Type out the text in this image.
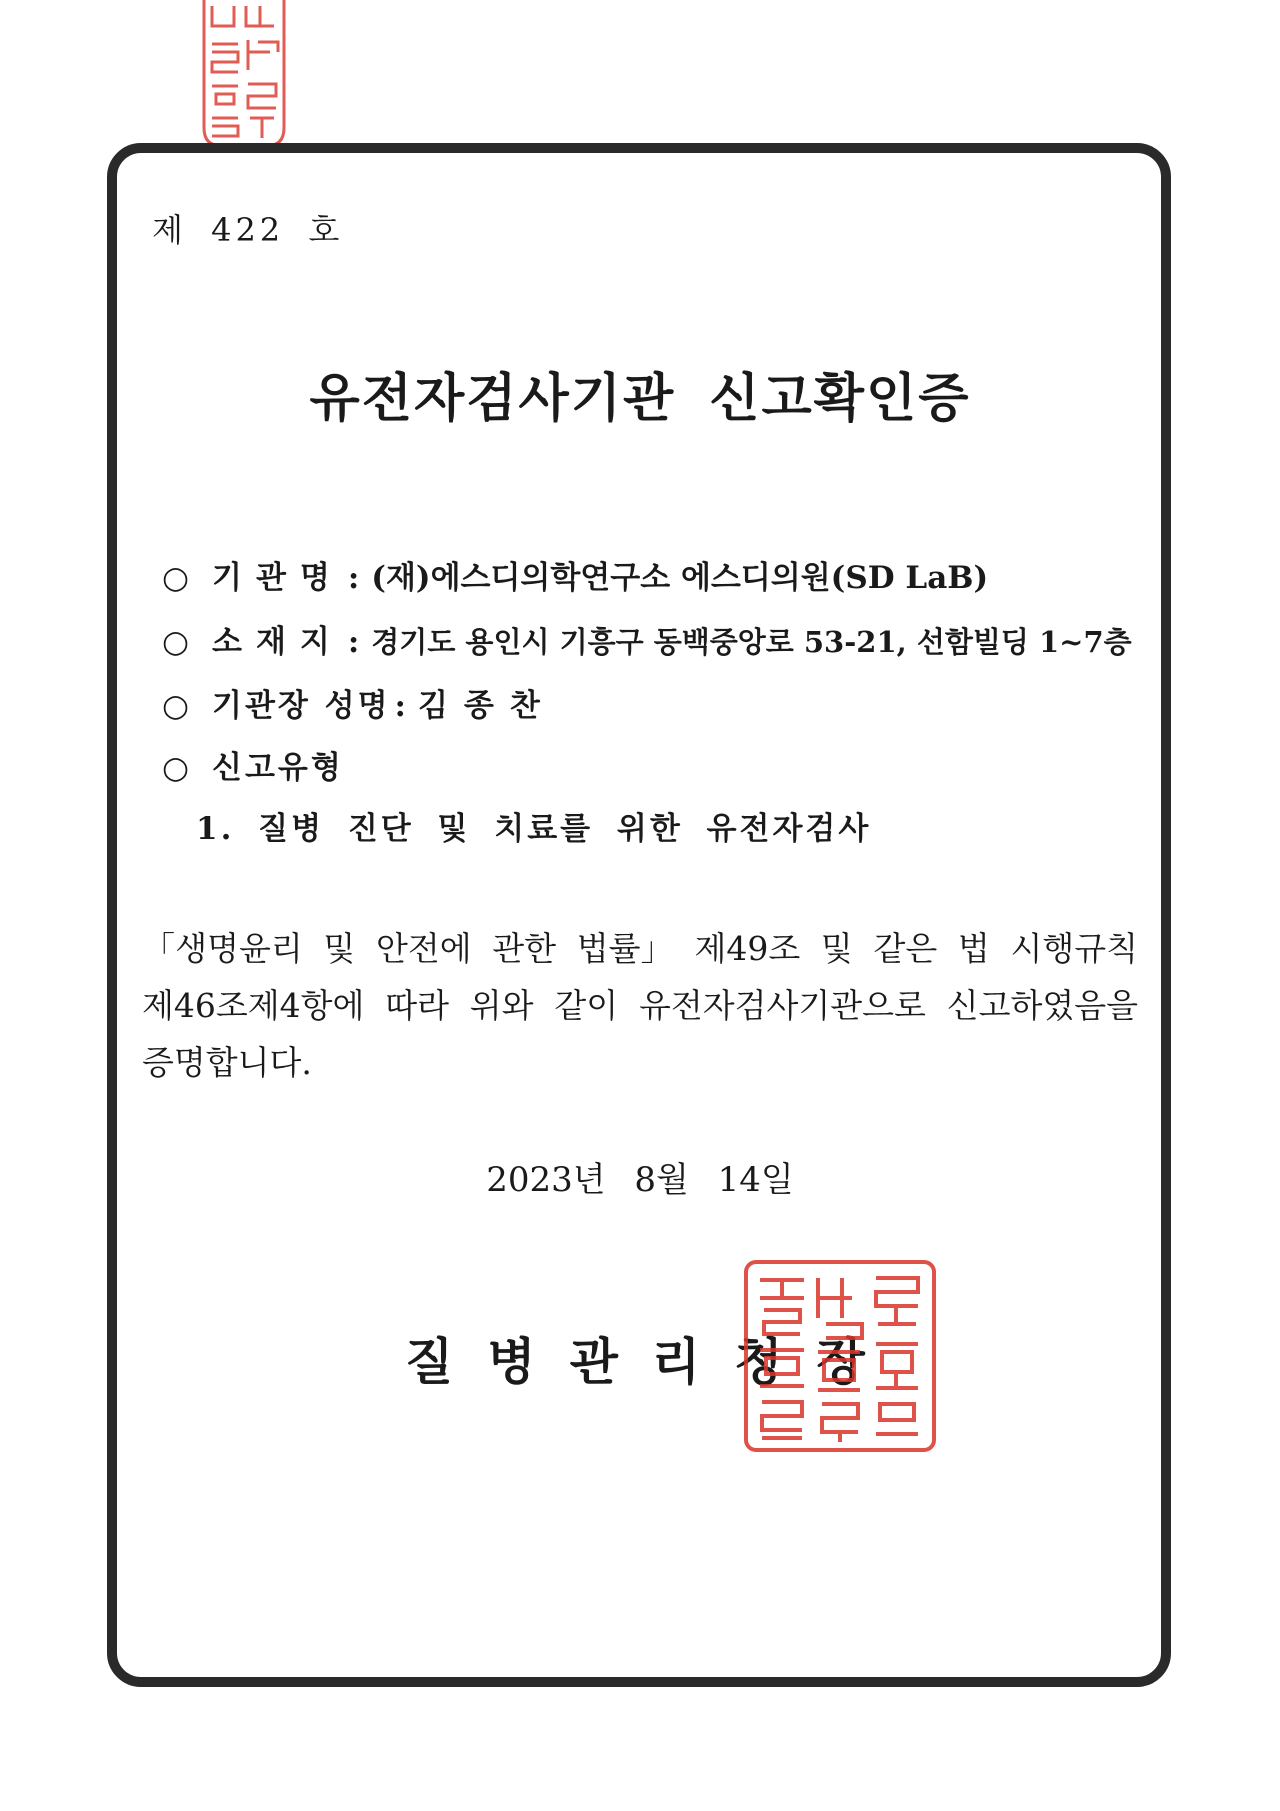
제 422 호
유전자검사기관 신고확인증
○ 기관명 : (재)에스디의학연구소 에스디의원(SD LaB)
○ 소재지 : 경기도 용인시 기흥구 동백중앙로 53-21, 선함빌딩 1~7층
○ 기관장 성명 : 김종찬
○ 신고유형
1. 질병 진단 및 치료를 위한 유전자검사
「생명윤리 및 안전에 관한 법률」 제49조 및 같은 법 시행규칙 제46조제4항에 따라 위와 같이 유전자검사기관으로 신고하였음을 증명합니다.
2023년 8월 14일
질병관리청장
